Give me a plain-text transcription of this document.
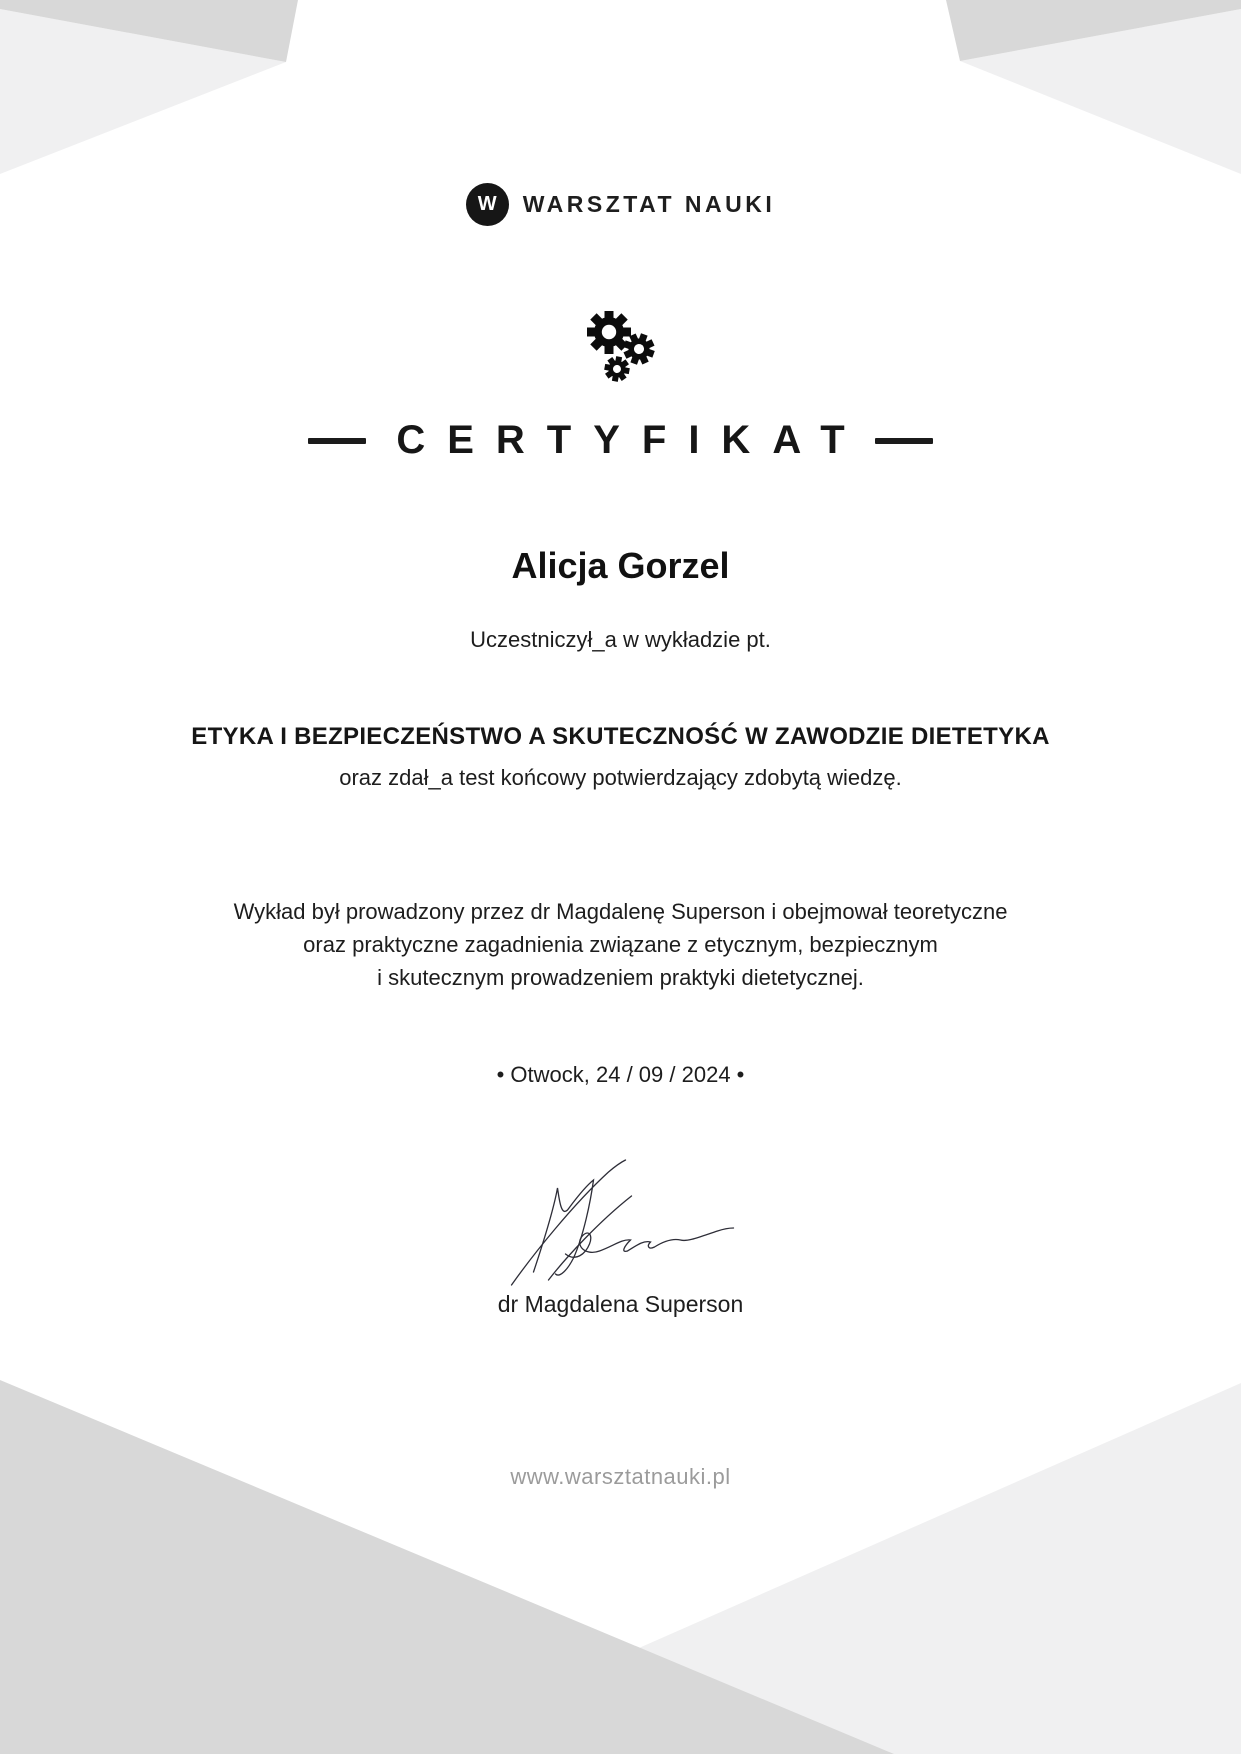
W WARSZTAT NAUKI
CERTYFIKAT
Alicja Gorzel
Uczestniczył_a w wykładzie pt.
ETYKA I BEZPIECZEŃSTWO A SKUTECZNOŚĆ W ZAWODZIE DIETETYKA
oraz zdał_a test końcowy potwierdzający zdobytą wiedzę.
Wykład był prowadzony przez dr Magdalenę Superson i obejmował teoretyczne
oraz praktyczne zagadnienia związane z etycznym, bezpiecznym
i skutecznym prowadzeniem praktyki dietetycznej.
• Otwock, 24 / 09 / 2024 •
dr Magdalena Superson
www.warsztatnauki.pl
